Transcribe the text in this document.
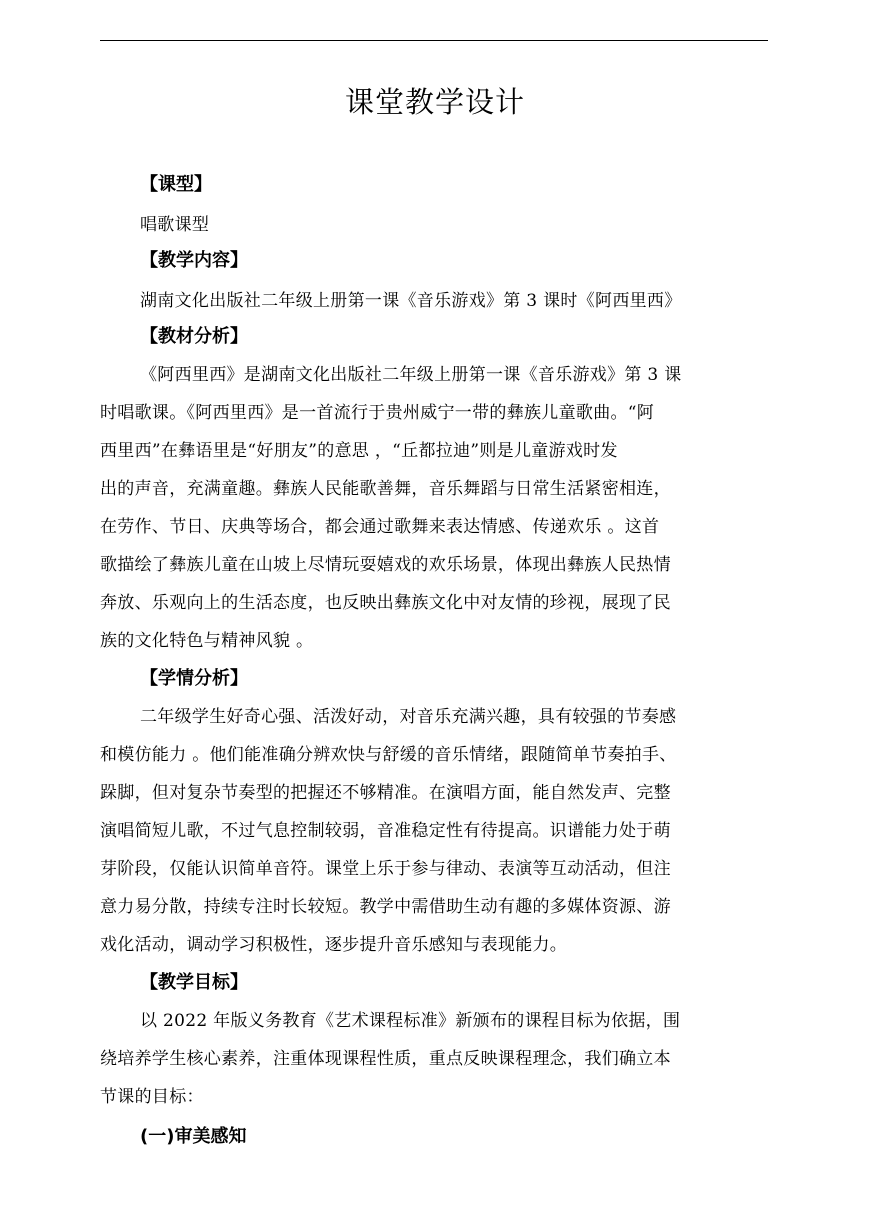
课堂教学设计
【课型】
唱歌课型
【教学内容】
湖南文化出版社二年级上册第一课《音乐游戏》第 3 课时《阿西里西》
【教材分析】
《阿西里西》是湖南文化出版社二年级上册第一课《音乐游戏》第 3 课
时唱歌课。《阿西里西》是一首流行于贵州威宁一带的彝族儿童歌曲。“阿
西里西”在彝语里是“好朋友”的意思 ，“丘都拉迪”则是儿童游戏时发
出的声音，充满童趣。彝族人民能歌善舞，音乐舞蹈与日常生活紧密相连，
在劳作、节日、庆典等场合，都会通过歌舞来表达情感、传递欢乐 。这首
歌描绘了彝族儿童在山坡上尽情玩耍嬉戏的欢乐场景，体现出彝族人民热情
奔放、乐观向上的生活态度，也反映出彝族文化中对友情的珍视，展现了民
族的文化特色与精神风貌 。
【学情分析】
二年级学生好奇心强、活泼好动，对音乐充满兴趣，具有较强的节奏感
和模仿能力 。他们能准确分辨欢快与舒缓的音乐情绪，跟随简单节奏拍手、
跺脚，但对复杂节奏型的把握还不够精准。在演唱方面，能自然发声、完整
演唱简短儿歌，不过气息控制较弱，音准稳定性有待提高。识谱能力处于萌
芽阶段，仅能认识简单音符。课堂上乐于参与律动、表演等互动活动，但注
意力易分散，持续专注时长较短。教学中需借助生动有趣的多媒体资源、游
戏化活动，调动学习积极性，逐步提升音乐感知与表现能力。
【教学目标】
以 2022 年版义务教育《艺术课程标准》新颁布的课程目标为依据，围
绕培养学生核心素养，注重体现课程性质，重点反映课程理念，我们确立本
节课的目标：
(一)审美感知
